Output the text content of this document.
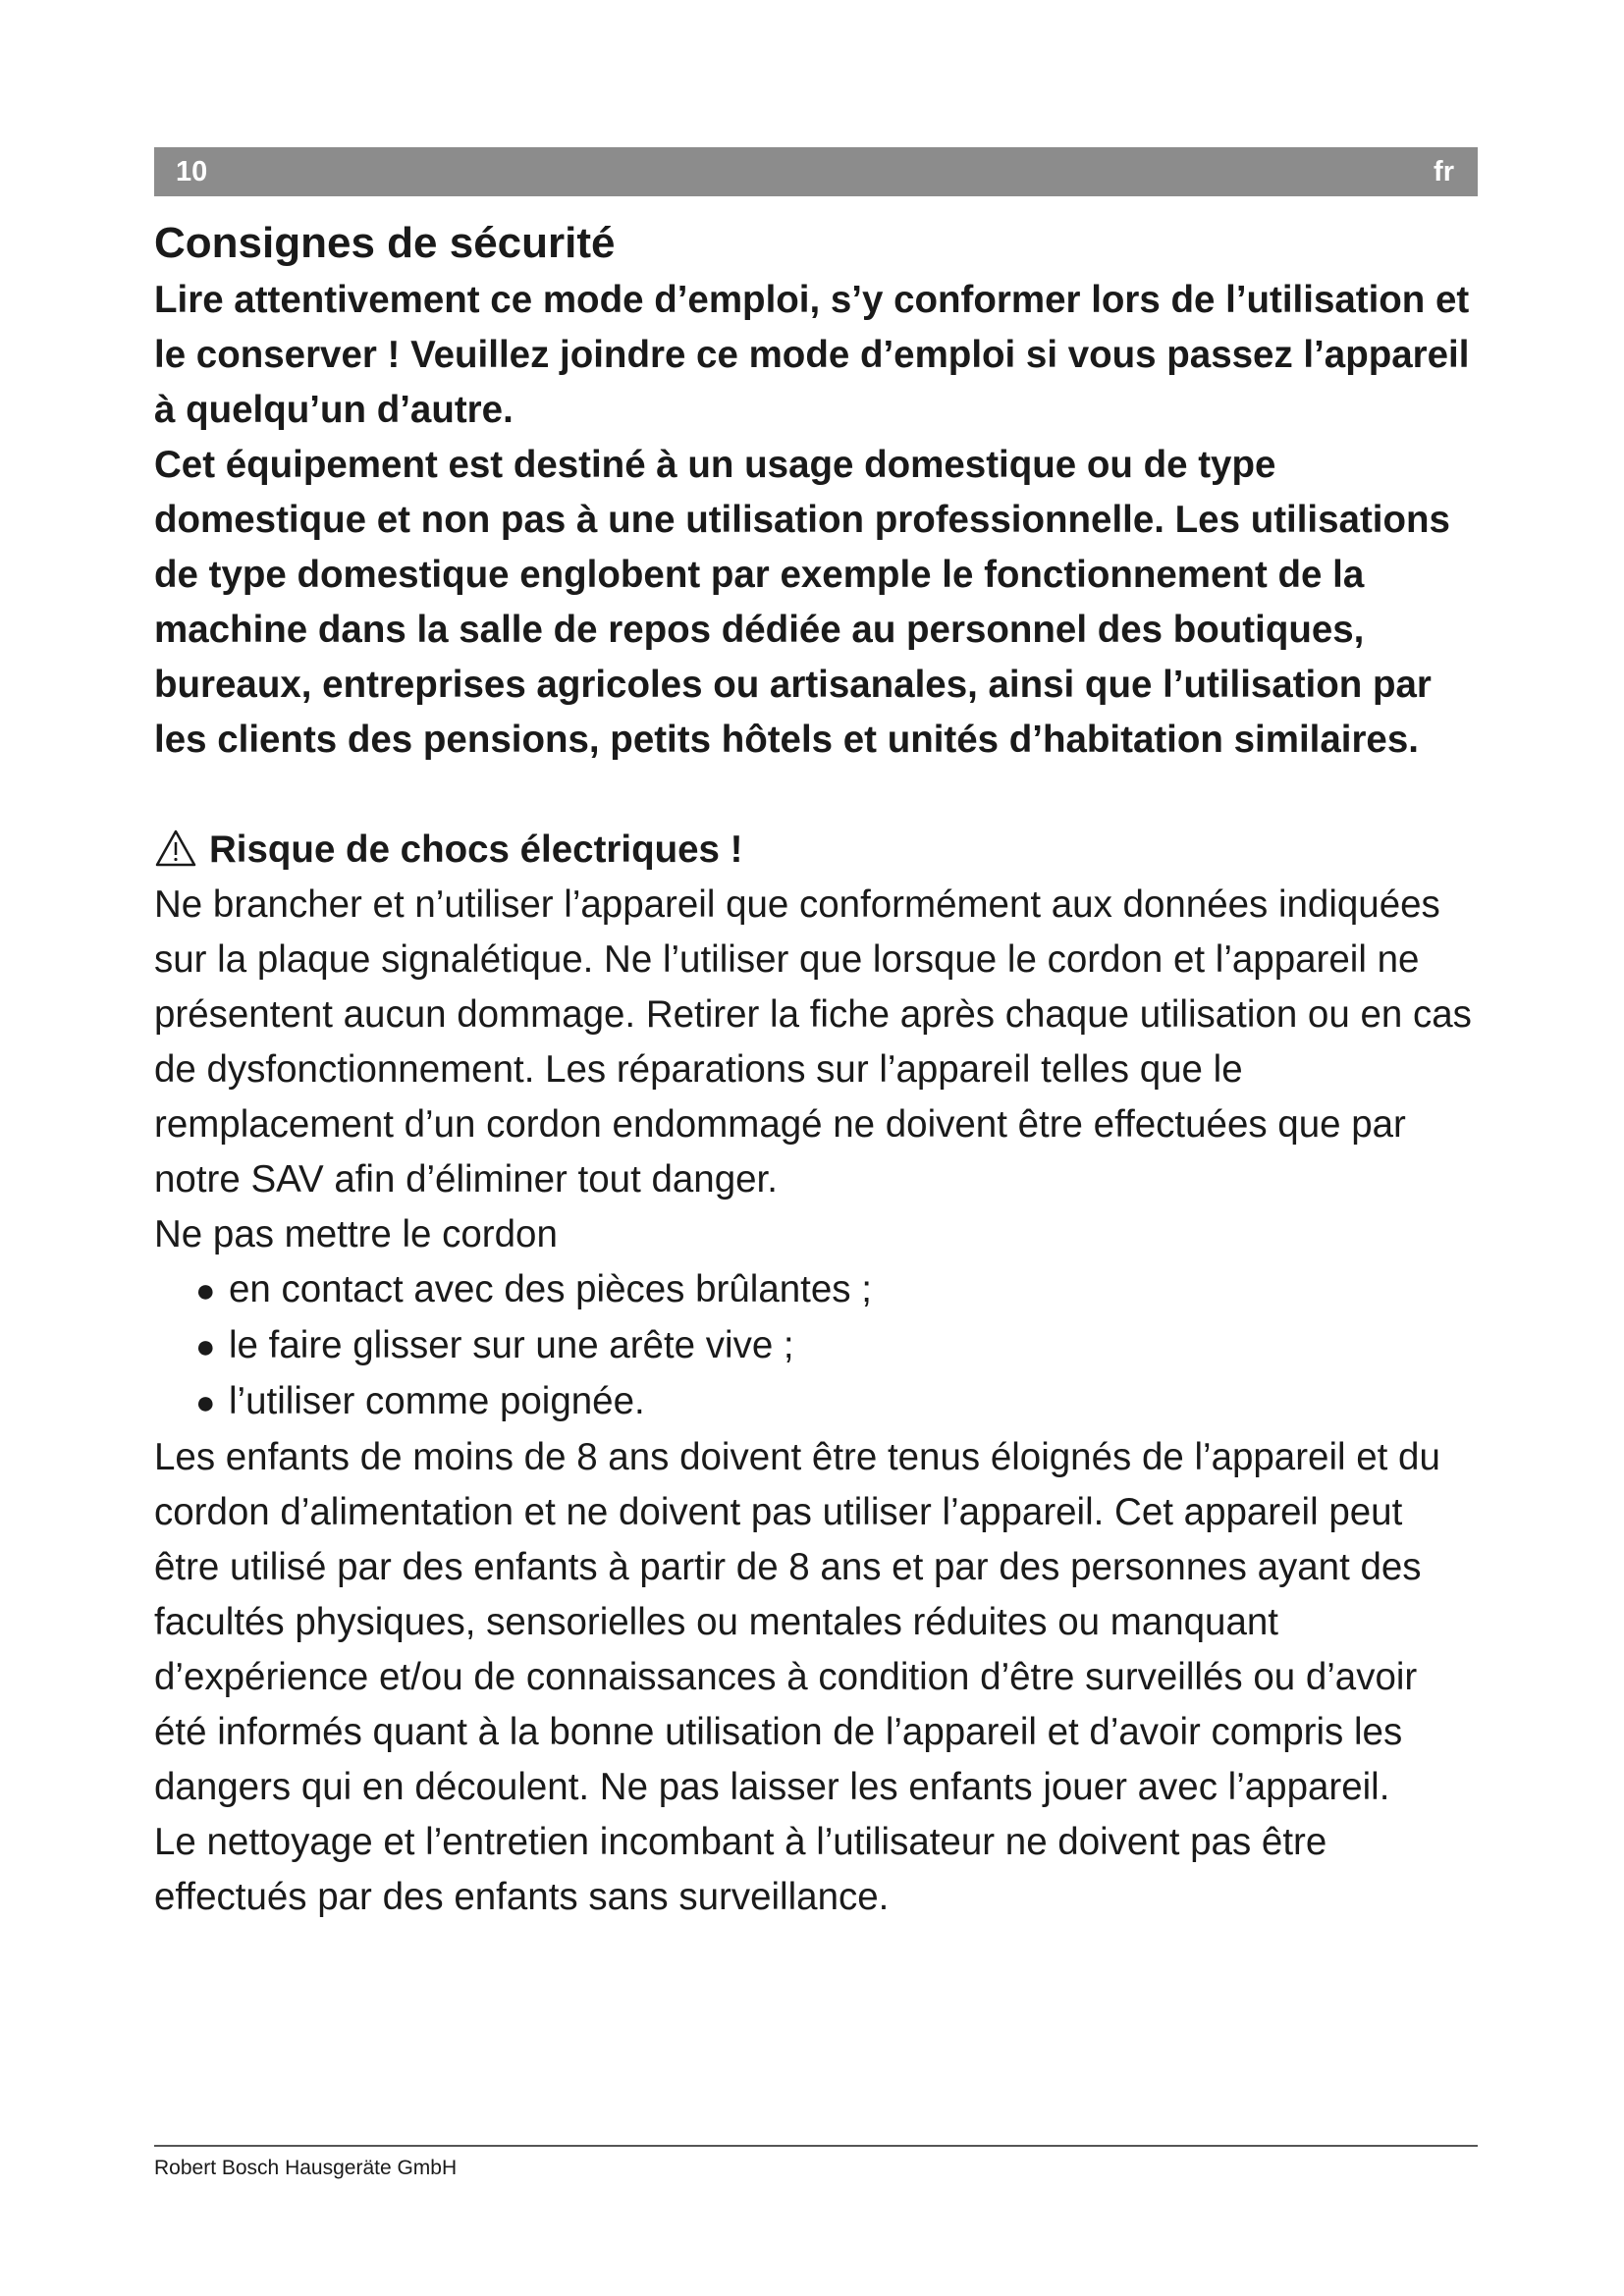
10	fr
Consignes de sécurité

Lire attentivement ce mode d’emploi, s’y conformer lors de l’utilisation et le conserver ! Veuillez joindre ce mode d’emploi si vous passez l’appareil à quelqu’un d’autre.

Cet équipement est destiné à un usage domestique ou de type domestique et non pas à une utilisation professionnelle. Les utilisations de type domestique englobent par exemple le fonctionnement de la machine dans la salle de repos dédiée au personnel des boutiques, bureaux, entreprises agricoles ou artisanales, ainsi que l’utilisation par les clients des pensions, petits hôtels et unités d’habitation similaires.

Risque de chocs électriques !

Ne brancher et n’utiliser l’appareil que conformément aux données indiquées sur la plaque signalétique. Ne l’utiliser que lorsque le cordon et l’appareil ne présentent aucun dommage. Retirer la fiche après chaque utilisation ou en cas de dysfonctionnement. Les réparations sur l’appareil telles que le remplacement d’un cordon endommagé ne doivent être effectuées que par notre SAV afin d’éliminer tout danger.

Ne pas mettre le cordon

● en contact avec des pièces brûlantes ;
● le faire glisser sur une arête vive ;
● l’utiliser comme poignée.

Les enfants de moins de 8 ans doivent être tenus éloignés de l’appareil et du cordon d’alimentation et ne doivent pas utiliser l’appareil. Cet appareil peut être utilisé par des enfants à partir de 8 ans et par des personnes ayant des facultés physiques, sensorielles ou mentales réduites ou manquant d’expérience et/ou de connaissances à condition d’être surveillés ou d’avoir été informés quant à la bonne utilisation de l’appareil et d’avoir compris les dangers qui en découlent. Ne pas laisser les enfants jouer avec l’appareil.

Le nettoyage et l’entretien incombant à l’utilisateur ne doivent pas être effectués par des enfants sans surveillance.

Robert Bosch Hausgeräte GmbH
